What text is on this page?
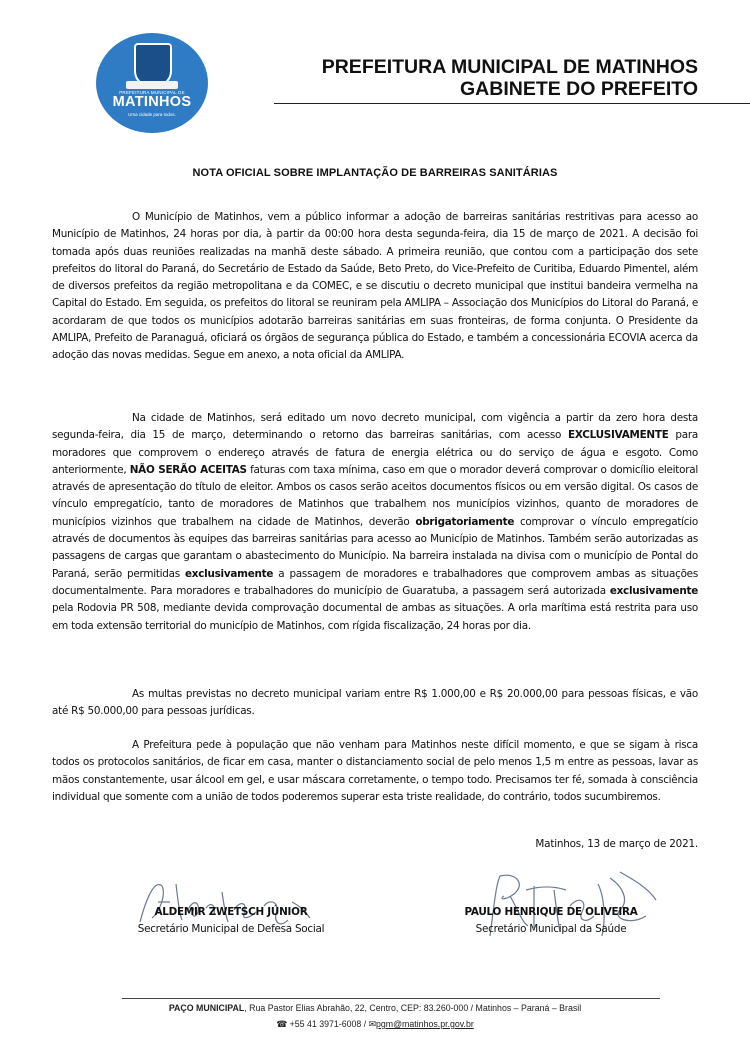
PREFEITURA MUNICIPAL DE
MATINHOS
Uma cidade para todos.
PREFEITURA MUNICIPAL DE MATINHOS
GABINETE DO PREFEITO
NOTA OFICIAL SOBRE IMPLANTAÇÃO DE BARREIRAS SANITÁRIAS

O Município de Matinhos, vem a público informar a adoção de barreiras sanitárias restritivas para acesso ao Município de Matinhos, 24 horas por dia, à partir da 00:00 hora desta segunda-feira, dia 15 de março de 2021. A decisão foi tomada após duas reuniões realizadas na manhã deste sábado. A primeira reunião, que contou com a participação dos sete prefeitos do litoral do Paraná, do Secretário de Estado da Saúde, Beto Preto, do Vice-Prefeito de Curitiba, Eduardo Pimentel, além de diversos prefeitos da região metropolitana e da COMEC, e se discutiu o decreto municipal que institui bandeira vermelha na Capital do Estado. Em seguida, os prefeitos do litoral se reuniram pela AMLIPA – Associação dos Municípios do Litoral do Paraná, e acordaram de que todos os municípios adotarão barreiras sanitárias em suas fronteiras, de forma conjunta. O Presidente da AMLIPA, Prefeito de Paranaguá, oficiará os órgãos de segurança pública do Estado, e também a concessionária ECOVIA acerca da adoção das novas medidas. Segue em anexo, a nota oficial da AMLIPA.

Na cidade de Matinhos, será editado um novo decreto municipal, com vigência a partir da zero hora desta segunda-feira, dia 15 de março, determinando o retorno das barreiras sanitárias, com acesso EXCLUSIVAMENTE para moradores que comprovem o endereço através de fatura de energia elétrica ou do serviço de água e esgoto. Como anteriormente, NÃO SERÃO ACEITAS faturas com taxa mínima, caso em que o morador deverá comprovar o domicílio eleitoral através de apresentação do título de eleitor. Ambos os casos serão aceitos documentos físicos ou em versão digital. Os casos de vínculo empregatício, tanto de moradores de Matinhos que trabalhem nos municípios vizinhos, quanto de moradores de municípios vizinhos que trabalhem na cidade de Matinhos, deverão obrigatoriamente comprovar o vínculo empregatício através de documentos às equipes das barreiras sanitárias para acesso ao Município de Matinhos. Também serão autorizadas as passagens de cargas que garantam o abastecimento do Município. Na barreira instalada na divisa com o município de Pontal do Paraná, serão permitidas exclusivamente a passagem de moradores e trabalhadores que comprovem ambas as situações documentalmente. Para moradores e trabalhadores do município de Guaratuba, a passagem será autorizada exclusivamente pela Rodovia PR 508, mediante devida comprovação documental de ambas as situações. A orla marítima está restrita para uso em toda extensão territorial do município de Matinhos, com rígida fiscalização, 24 horas por dia.

As multas previstas no decreto municipal variam entre R$ 1.000,00 e R$ 20.000,00 para pessoas físicas, e vão até R$ 50.000,00 para pessoas jurídicas.

A Prefeitura pede à população que não venham para Matinhos neste difícil momento, e que se sigam à risca todos os protocolos sanitários, de ficar em casa, manter o distanciamento social de pelo menos 1,5 m entre as pessoas, lavar as mãos constantemente, usar álcool em gel, e usar máscara corretamente, o tempo todo. Precisamos ter fé, somada à consciência individual que somente com a união de todos poderemos superar esta triste realidade, do contrário, todos sucumbiremos.

Matinhos, 13 de março de 2021.
ALDEMIR ZWETSCH JÚNIOR
Secretário Municipal de Defesa Social
PAULO HENRIQUE DE OLIVEIRA
Secretário Municipal da Saúde
PAÇO MUNICIPAL, Rua Pastor Elias Abrahão, 22, Centro, CEP: 83.260-000 / Matinhos – Paraná – Brasil
☎ +55 41 3971-6008 / ✉pgm@matinhos.pr.gov.br
